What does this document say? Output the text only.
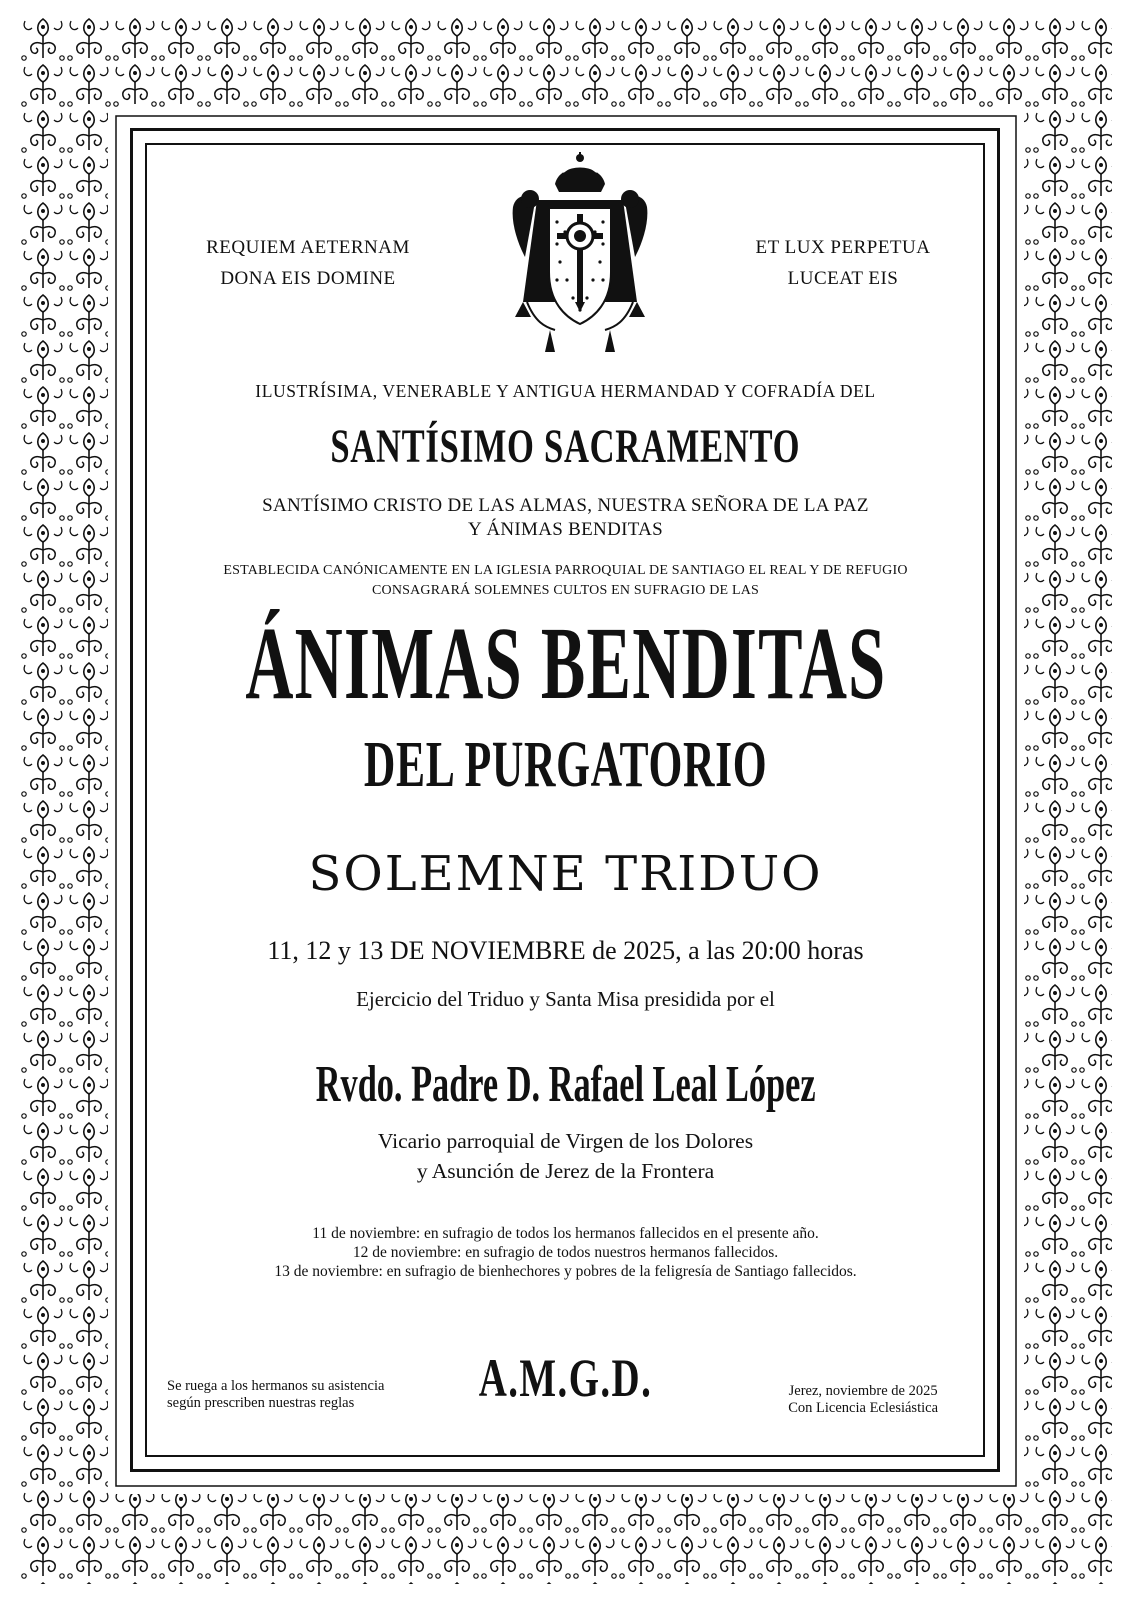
REQUIEM AETERNAM
DONA EIS DOMINE
ET LUX PERPETUA
LUCEAT EIS
ILUSTRÍSIMA, VENERABLE Y ANTIGUA HERMANDAD Y COFRADÍA DEL
SANTÍSIMO SACRAMENTO
SANTÍSIMO CRISTO DE LAS ALMAS, NUESTRA SEÑORA DE LA PAZ
Y ÁNIMAS BENDITAS
ESTABLECIDA CANÓNICAMENTE EN LA IGLESIA PARROQUIAL DE SANTIAGO EL REAL Y DE REFUGIO
CONSAGRARÁ SOLEMNES CULTOS EN SUFRAGIO DE LAS
ÁNIMAS BENDITAS
DEL PURGATORIO
SOLEMNE TRIDUO
11, 12 y 13 DE NOVIEMBRE de 2025, a las 20:00 horas
Ejercicio del Triduo y Santa Misa presidida por el
Rvdo. Padre D. Rafael Leal López
Vicario parroquial de Virgen de los Dolores
y Asunción de Jerez de la Frontera
11 de noviembre: en sufragio de todos los hermanos fallecidos en el presente año.
12 de noviembre: en sufragio de todos nuestros hermanos fallecidos.
13 de noviembre: en sufragio de bienhechores y pobres de la feligresía de Santiago fallecidos.
Se ruega a los hermanos su asistencia
según prescriben nuestras reglas	A.M.G.D.	Jerez, noviembre de 2025
Con Licencia Eclesiástica
